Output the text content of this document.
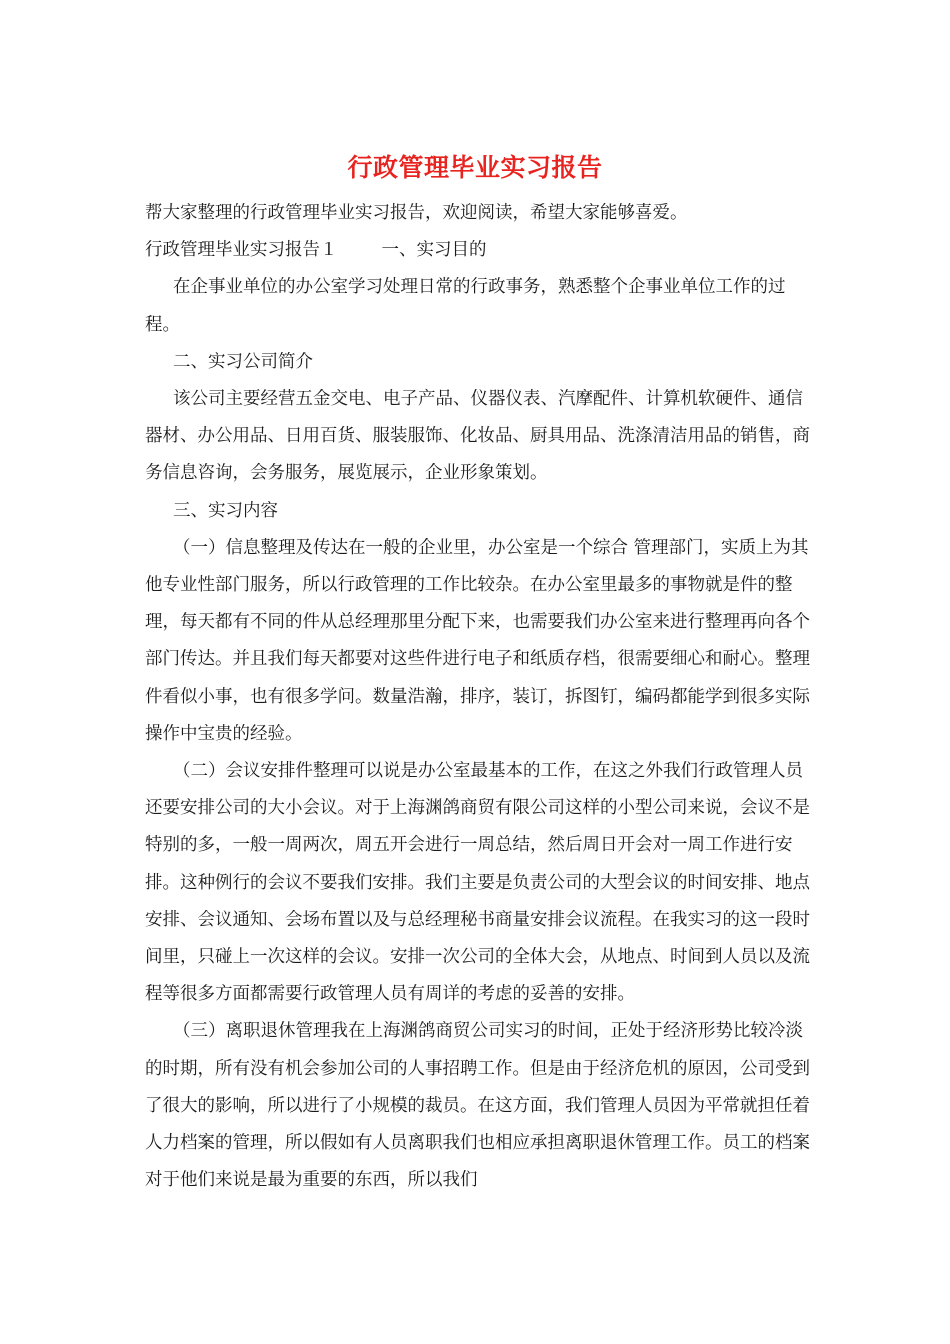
行政管理毕业实习报告

帮大家整理的行政管理毕业实习报告，欢迎阅读，希望大家能够喜爱。

行政管理毕业实习报告１	一、实习目的

在企事业单位的办公室学习处理日常的行政事务，熟悉整个企事业单位工作的过程。

二、实习公司简介

该公司主要经营五金交电、电子产品、仪器仪表、汽摩配件、计算机软硬件、通信器材、办公用品、日用百货、服装服饰、化妆品、厨具用品、洗涤清洁用品的销售，商务信息咨询，会务服务，展览展示，企业形象策划。

三、实习内容

（一）信息整理及传达在一般的企业里，办公室是一个综合 管理部门，实质上为其他专业性部门服务，所以行政管理的工作比较杂。在办公室里最多的事物就是件的整理，每天都有不同的件从总经理那里分配下来，也需要我们办公室来进行整理再向各个部门传达。并且我们每天都要对这些件进行电子和纸质存档，很需要细心和耐心。整理件看似小事，也有很多学问。数量浩瀚，排序，装订，拆图钉，编码都能学到很多实际操作中宝贵的经验。

（二）会议安排件整理可以说是办公室最基本的工作，在这之外我们行政管理人员还要安排公司的大小会议。对于上海渊鸽商贸有限公司这样的小型公司来说，会议不是特别的多，一般一周两次，周五开会进行一周总结，然后周日开会对一周工作进行安排。这种例行的会议不要我们安排。我们主要是负责公司的大型会议的时间安排、地点安排、会议通知、会场布置以及与总经理秘书商量安排会议流程。在我实习的这一段时间里，只碰上一次这样的会议。安排一次公司的全体大会，从地点、时间到人员以及流程等很多方面都需要行政管理人员有周详的考虑的妥善的安排。

（三）离职退休管理我在上海渊鸽商贸公司实习的时间，正处于经济形势比较冷淡的时期，所有没有机会参加公司的人事招聘工作。但是由于经济危机的原因，公司受到了很大的影响，所以进行了小规模的裁员。在这方面，我们管理人员因为平常就担任着人力档案的管理，所以假如有人员离职我们也相应承担离职退休管理工作。员工的档案对于他们来说是最为重要的东西，所以我们
